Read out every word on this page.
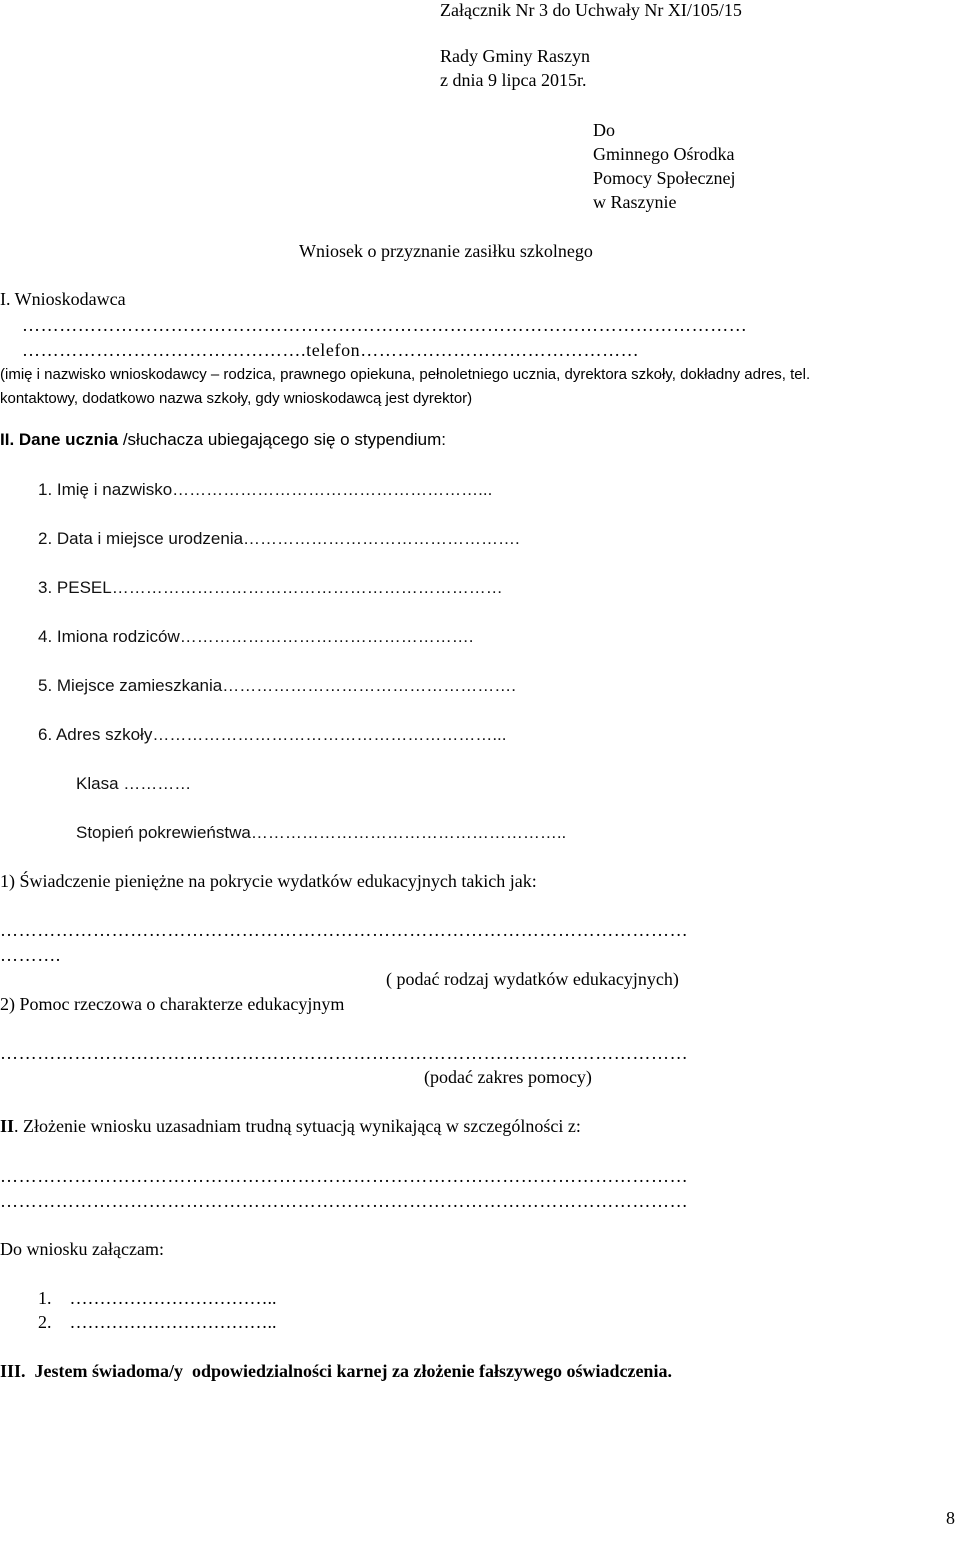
Załącznik Nr 3 do Uchwały Nr XI/105/15
Rady Gminy Raszyn
z dnia 9 lipca 2015r.
Do
Gminnego Ośrodka
Pomocy Społecznej
w Raszynie
Wniosek o przyznanie zasiłku szkolnego
I. Wnioskodawca
………………………………………………………………………………………………………
……………………………………….telefon………………………………………
(imię i nazwisko wnioskodawcy – rodzica, prawnego opiekuna, pełnoletniego ucznia, dyrektora szkoły, dokładny adres, tel.
kontaktowy, dodatkowo nazwa szkoły, gdy wnioskodawcą jest dyrektor)
II. Dane ucznia /słuchacza ubiegającego się o stypendium:
1. Imię i nazwisko………………………………………………...
2. Data i miejsce urodzenia………………………………………….
3. PESEL……………………………………………………………
4. Imiona rodziców…………………………………………….
5. Miejsce zamieszkania…………………………………………….
6. Adres szkoły……………………………………………………...
Klasa …………
Stopień pokrewieństwa………………………………………………..
1) Świadczenie pieniężne na pokrycie wydatków edukacyjnych takich jak:
…………………………………………………………………………………………………
……….
( podać rodzaj wydatków edukacyjnych)
2) Pomoc rzeczowa o charakterze edukacyjnym
…………………………………………………………………………………………………
(podać zakres pomocy)
II. Złożenie wniosku uzasadniam trudną sytuacją wynikającą w szczególności z:
…………………………………………………………………………………………………
…………………………………………………………………………………………………
Do wniosku załączam:
1.    ……………………………..
2.    ……………………………..
III.  Jestem świadoma/y  odpowiedzialności karnej za złożenie fałszywego oświadczenia.
8
